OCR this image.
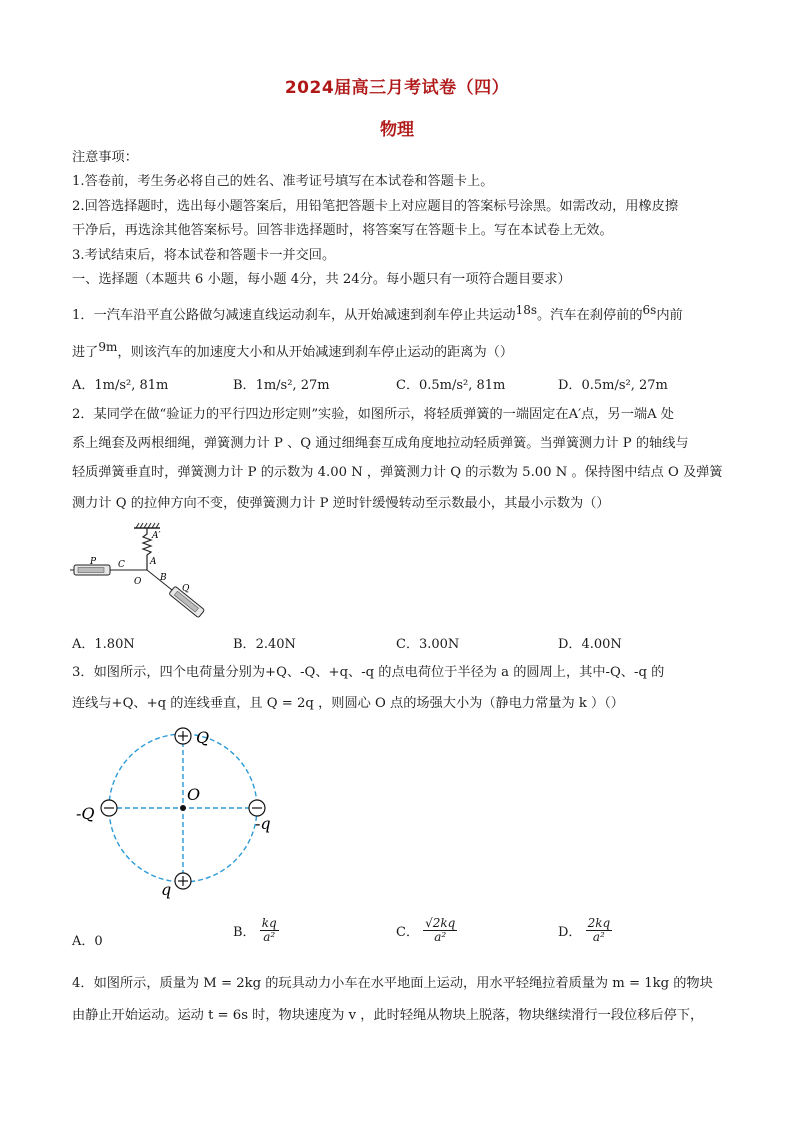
2024届高三月考试卷（四）
物理
注意事项：
1.答卷前，考生务必将自己的姓名、准考证号填写在本试卷和答题卡上。
2.回答选择题时，选出每小题答案后，用铅笔把答题卡上对应题目的答案标号涂黑。如需改动，用橡皮擦
干净后，再选涂其他答案标号。回答非选择题时，将答案写在答题卡上。写在本试卷上无效。
3.考试结束后，将本试卷和答题卡一并交回。
一、选择题（本题共 6 小题，每小题 4分，共 24分。每小题只有一项符合题目要求）
1．一汽车沿平直公路做匀减速直线运动刹车，从开始减速到刹车停止共运动18s。汽车在刹停前的6s内前
进了9m，则该汽车的加速度大小和从开始减速到刹车停止运动的距离为（）
A．1m/s², 81m	B．1m/s², 27m	C．0.5m/s², 81m	D．0.5m/s², 27m
2．某同学在做“验证力的平行四边形定则”实验，如图所示，将轻质弹簧的一端固定在A′点，另一端A 处
系上绳套及两根细绳，弹簧测力计 P 、Q 通过细绳套互成角度地拉动轻质弹簧。当弹簧测力计 P 的轴线与
轻质弹簧垂直时，弹簧测力计 P 的示数为 4.00 N ，弹簧测力计 Q 的示数为 5.00 N 。保持图中结点 O 及弹簧
测力计 Q 的拉伸方向不变，使弹簧测力计 P 逆时针缓慢转动至示数最小，其最小示数为（）
A′
A
C
O
P
B
Q
A．1.80N	B．2.40N	C．3.00N	D．4.00N
3．如图所示，四个电荷量分别为+Q、-Q、+q、-q 的点电荷位于半径为 a 的圆周上，其中-Q、-q 的
连线与+Q、+q 的连线垂直，且 Q = 2q ，则圆心 O 点的场强大小为（静电力常量为 k ）（）
O
Q
-Q
-q
q
A．0
B． $\frac{kq}{\text{a²}}$	C． $\frac{√2kq}{\text{a²}}$	D． $\frac{2kq}{\text{a²}}$
4．如图所示，质量为 M = 2kg 的玩具动力小车在水平地面上运动，用水平轻绳拉着质量为 m = 1kg 的物块
由静止开始运动。运动 t = 6s 时，物块速度为 v ，此时轻绳从物块上脱落，物块继续滑行一段位移后停下，
